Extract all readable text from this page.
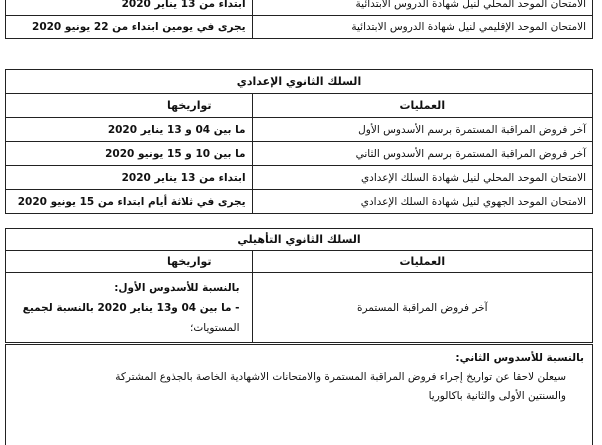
الامتحان الموحد المحلي لنيل شهادة الدروس الابتدائية	ابتداء من 13 يناير 2020
الامتحان الموحد الإقليمي لنيل شهادة الدروس الابتدائية	يجرى في يومين ابتداء من 22 يونيو 2020
السلك الثانوي الإعدادي	
العمليات	تواريخها
آخر فروض المراقبة المستمرة برسم الأسدوس الأول	ما بين 04 و 13 يناير 2020
آخر فروض المراقبة المستمرة برسم الأسدوس الثاني	ما بين 10 و 15 يونيو 2020
الامتحان الموحد المحلي لنيل شهادة السلك الإعدادي	ابتداء من 13 يناير 2020
الامتحان الموحد الجهوي لنيل شهادة السلك الإعدادي	يجرى في ثلاثة أيام ابتداء من 15 يونيو 2020
السلك الثانوي التأهيلي	
العمليات	تواريخها
آخر فروض المراقبة المستمرة	بالنسبة للأسدوس الأول:
- ما بين 04 و13 يناير 2020 بالنسبة لجميع
المستويات؛
بالنسبة للأسدوس الثاني:
سيعلن لاحقا عن تواريخ إجراء فروض المراقبة المستمرة والامتحانات الاشهادية الخاصة بالجذوع المشتركة
والسنتين الأولى والثانية باكالوريا
